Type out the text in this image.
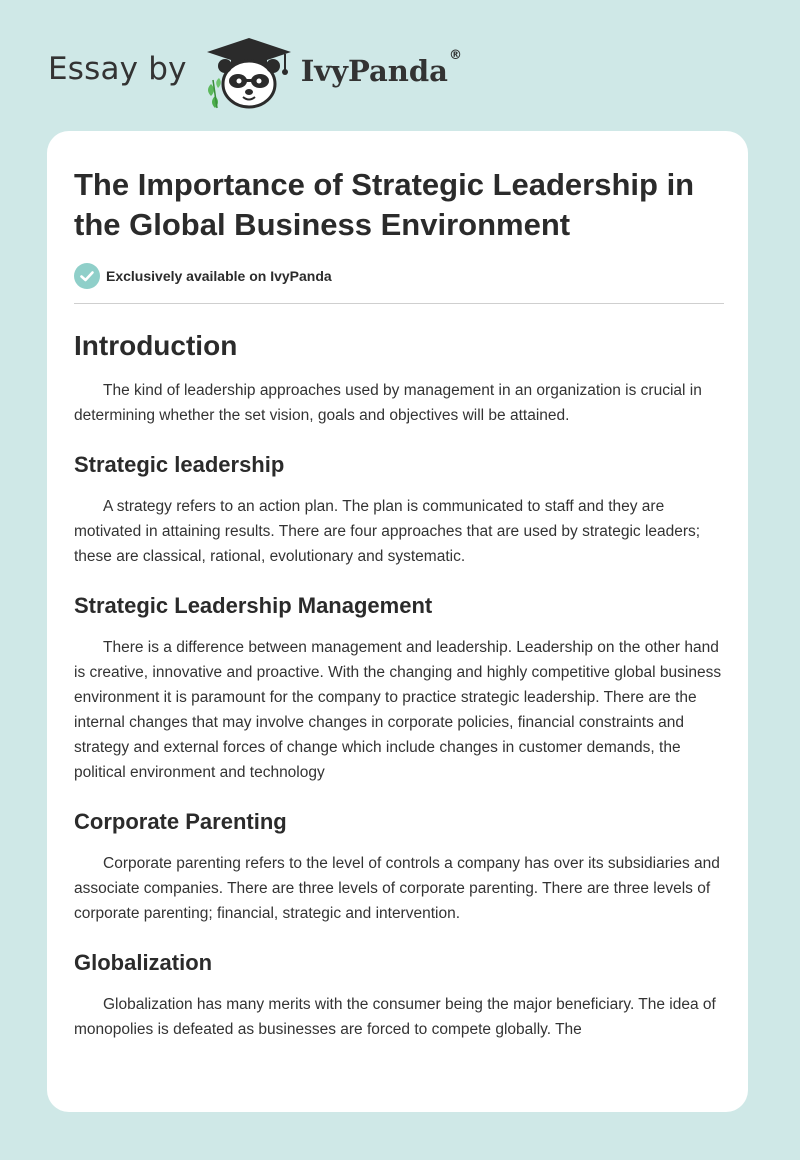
Essay by	IvyPanda®
The Importance of Strategic Leadership in the Global Business Environment
Exclusively available on IvyPanda
Introduction

The kind of leadership approaches used by management in an organization is crucial in determining whether the set vision, goals and objectives will be attained.

Strategic leadership

A strategy refers to an action plan. The plan is communicated to staff and they are motivated in attaining results. There are four approaches that are used by strategic leaders; these are classical, rational, evolutionary and systematic.

Strategic Leadership Management

There is a difference between management and leadership. Leadership on the other hand is creative, innovative and proactive. With the changing and highly competitive global business environment it is paramount for the company to practice strategic leadership. There are the internal changes that may involve changes in corporate policies, financial constraints and strategy and external forces of change which include changes in customer demands, the political environment and technology

Corporate Parenting

Corporate parenting refers to the level of controls a company has over its subsidiaries and associate companies. There are three levels of corporate parenting. There are three levels of corporate parenting; financial, strategic and intervention.

Globalization

Globalization has many merits with the consumer being the major beneficiary. The idea of monopolies is defeated as businesses are forced to compete globally. The
